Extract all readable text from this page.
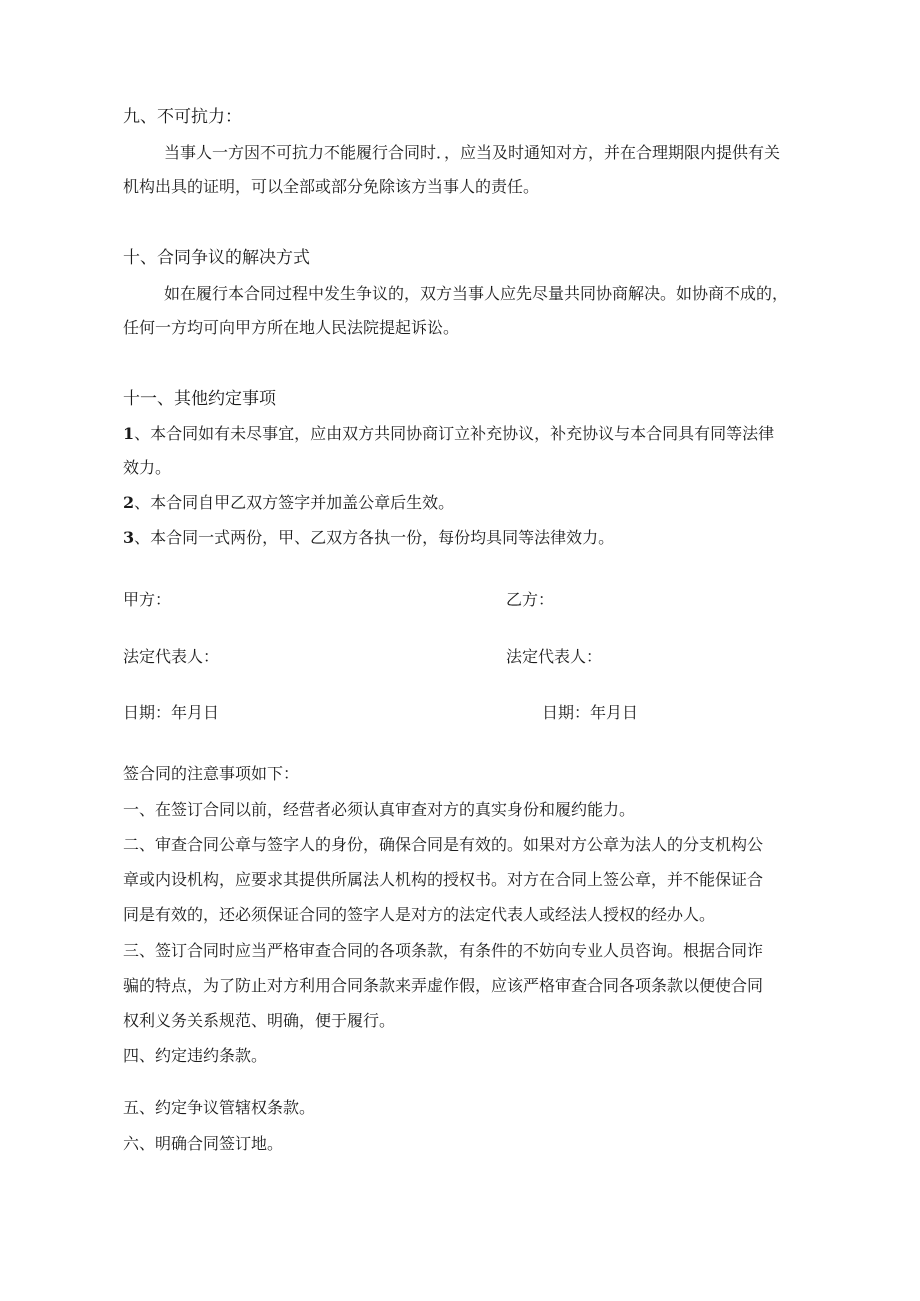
九、不可抗力：
当事人一方因不可抗力不能履行合同时．，应当及时通知对方，并在合理期限内提供有关
机构出具的证明，可以全部或部分免除该方当事人的责任。
十、合同争议的解决方式
如在履行本合同过程中发生争议的，双方当事人应先尽量共同协商解决。如协商不成的，
任何一方均可向甲方所在地人民法院提起诉讼。
十一、其他约定事项
1、本合同如有未尽事宜，应由双方共同协商订立补充协议，补充协议与本合同具有同等法律
效力。
2、本合同自甲乙双方签字并加盖公章后生效。
3、本合同一式两份，甲、乙双方各执一份，每份均具同等法律效力。
甲方：	乙方：
法定代表人：	法定代表人：
日期：年月日	日期：年月日
签合同的注意事项如下：
一、在签订合同以前，经营者必须认真审查对方的真实身份和履约能力。
二、审查合同公章与签字人的身份，确保合同是有效的。如果对方公章为法人的分支机构公
章或内设机构，应要求其提供所属法人机构的授权书。对方在合同上签公章，并不能保证合
同是有效的，还必须保证合同的签字人是对方的法定代表人或经法人授权的经办人。
三、签订合同时应当严格审查合同的各项条款，有条件的不妨向专业人员咨询。根据合同诈
骗的特点，为了防止对方利用合同条款来弄虚作假，应该严格审查合同各项条款以便使合同
权利义务关系规范、明确，便于履行。
四、约定违约条款。
五、约定争议管辖权条款。
六、明确合同签订地。
